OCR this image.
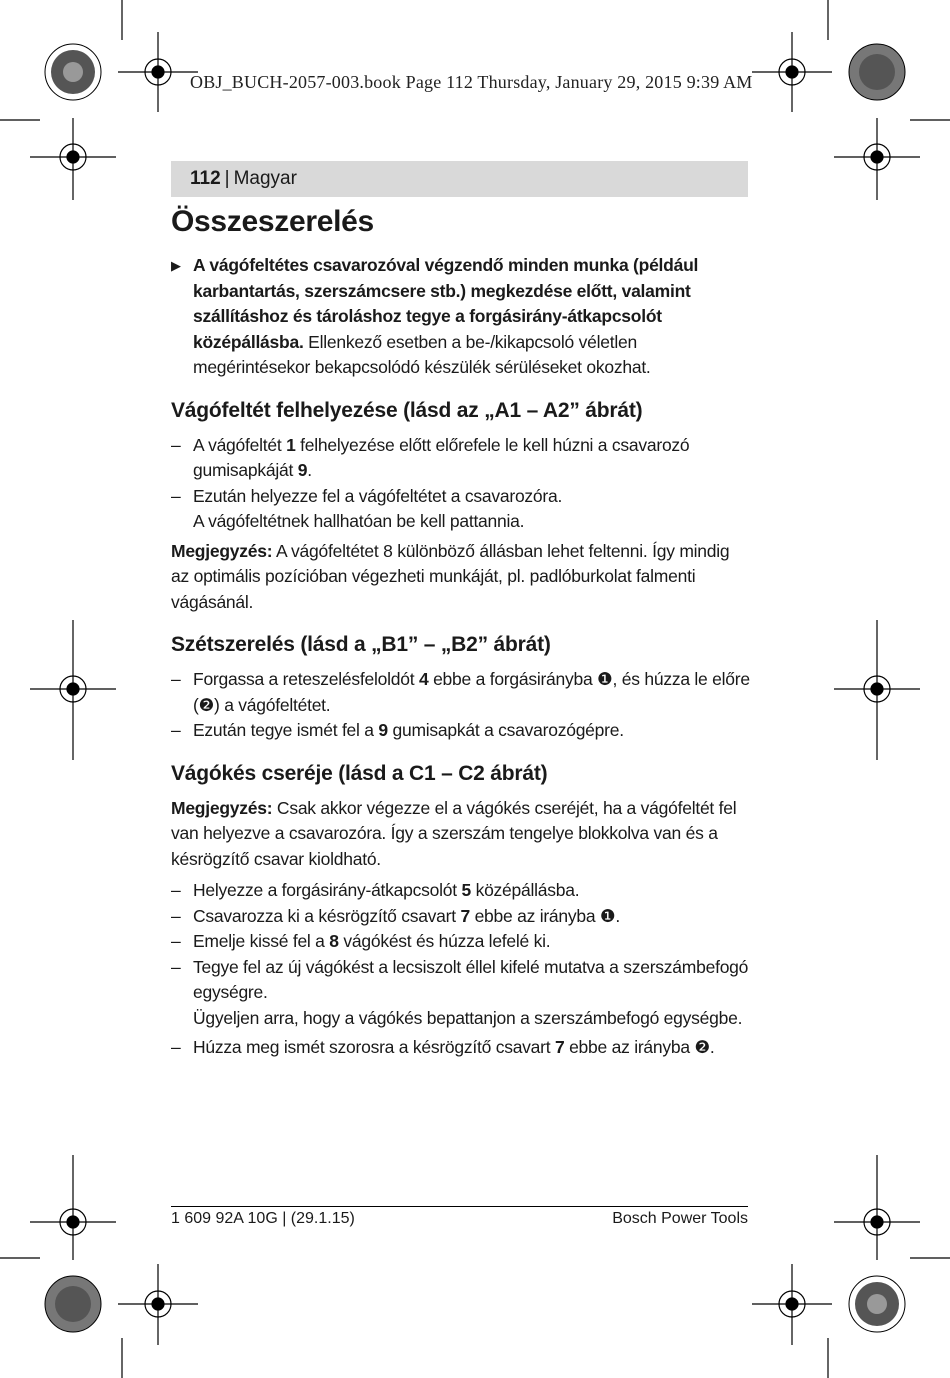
OBJ_BUCH-2057-003.book Page 112 Thursday, January 29, 2015 9:39 AM
112 | Magyar
Összeszerelés
▶ A vágófeltétes csavarozóval végzendő minden munka (például karbantartás, szerszámcsere stb.) megkezdése előtt, valamint szállításhoz és tároláshoz tegye a forgásirány-átkapcsolót középállásba. Ellenkező esetben a be-/kikapcsoló véletlen megérintésekor bekapcsolódó készülék sérüléseket okozhat.
Vágófeltét felhelyezése (lásd az „A1 – A2” ábrát)
– A vágófeltét 1 felhelyezése előtt előrefele le kell húzni a csavarozó gumisapkáját 9.
– Ezután helyezze fel a vágófeltétet a csavarozóra.
A vágófeltétnek hallhatóan be kell pattannia.

Megjegyzés: A vágófeltétet 8 különböző állásban lehet feltenni. Így mindig az optimális pozícióban végezheti munkáját, pl. padlóburkolat falmenti vágásánál.

Szétszerelés (lásd a „B1” – „B2” ábrát)
– Forgassa a reteszelésfeloldót 4 ebbe a forgásirányba ❶, és húzza le előre (❷) a vágófeltétet.
– Ezután tegye ismét fel a 9 gumisapkát a csavarozógépre.
Vágókés cseréje (lásd a C1 – C2 ábrát)

Megjegyzés: Csak akkor végezze el a vágókés cseréjét, ha a vágófeltét fel van helyezve a csavarozóra. Így a szerszám tengelye blokkolva van és a késrögzítő csavar kioldható.

– Helyezze a forgásirány-átkapcsolót 5 középállásba.
– Csavarozza ki a késrögzítő csavart 7 ebbe az irányba ❶.
– Emelje kissé fel a 8 vágókést és húzza lefelé ki.
– Tegye fel az új vágókést a lecsiszolt éllel kifelé mutatva a szerszámbefogó egységre.
Ügyeljen arra, hogy a vágókés bepattanjon a szerszámbefogó egységbe.
– Húzza meg ismét szorosra a késrögzítő csavart 7 ebbe az irányba ❷.
1 609 92A 10G | (29.1.15)	Bosch Power Tools
